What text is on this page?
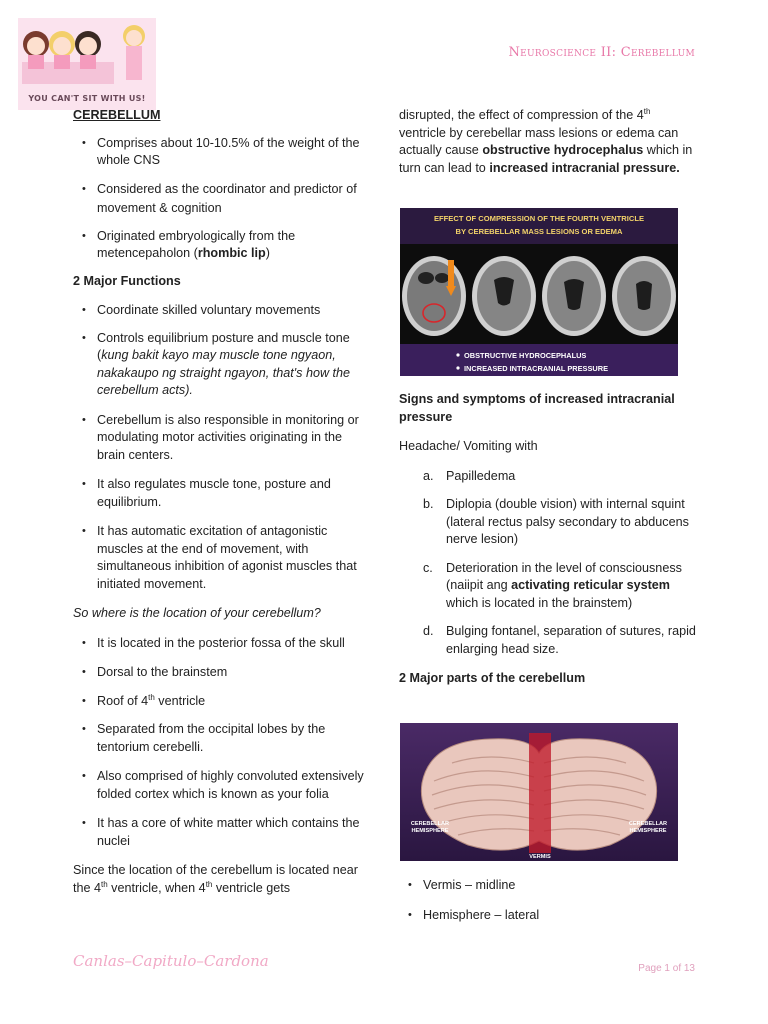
YOU CAN'T SIT WITH US!
Neuroscience II: Cerebellum
CEREBELLUM
• Comprises about 10-10.5% of the weight of the whole CNS
• Considered as the coordinator and predictor of movement & cognition
• Originated embryologically from the metencepaholon (rhombic lip)
2 Major Functions
• Coordinate skilled voluntary movements
• Controls equilibrium posture and muscle tone (kung bakit kayo may muscle tone ngyaon, nakakaupo ng straight ngayon, that's how the cerebellum acts).
• Cerebellum is also responsible in monitoring or modulating motor activities originating in the brain centers.
• It also regulates muscle tone, posture and equilibrium.
• It has automatic excitation of antagonistic muscles at the end of movement, with simultaneous inhibition of agonist muscles that initiated movement.
So where is the location of your cerebellum?
• It is located in the posterior fossa of the skull
• Dorsal to the brainstem
• Roof of 4th ventricle
• Separated from the occipital lobes by the tentorium cerebelli.
• Also comprised of highly convoluted extensively folded cortex which is known as your folia
• It has a core of white matter which contains the nuclei
Since the location of the cerebellum is located near the 4th ventricle, when 4th ventricle gets
disrupted, the effect of compression of the 4th ventricle by cerebellar mass lesions or edema can actually cause obstructive hydrocephalus which in turn can lead to increased intracranial pressure.
EFFECT OF COMPRESSION OF THE FOURTH VENTRICLE
BY CEREBELLAR MASS LESIONS OR EDEMA
OBSTRUCTIVE HYDROCEPHALUS
INCREASED INTRACRANIAL PRESSURE
Signs and symptoms of increased intracranial pressure
Headache/ Vomiting with
a. Papilledema
b. Diplopia (double vision) with internal squint (lateral rectus palsy secondary to abducens nerve lesion)
c. Deterioration in the level of consciousness (naiipit ang activating reticular system which is located in the brainstem)
d. Bulging fontanel, separation of sutures, rapid enlarging head size.
2 Major parts of the cerebellum
CEREBELLAR
HEMISPHERE
CEREBELLAR
HEMISPHERE
VERMIS
• Vermis – midline
• Hemisphere – lateral
Canlas–Capitulo–Cardona	Page 1 of 13
